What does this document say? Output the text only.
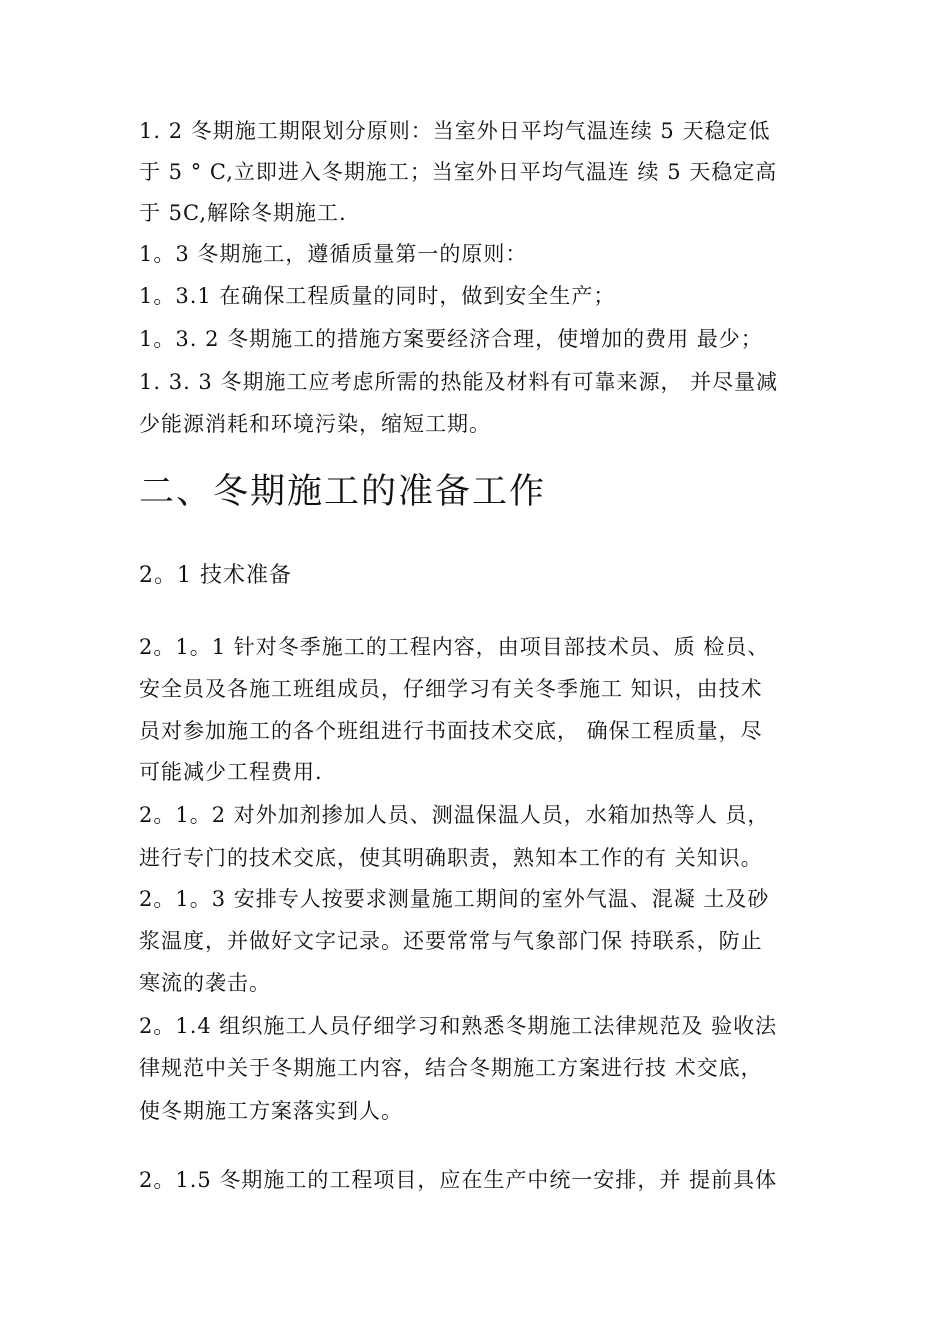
1. 2 冬期施工期限划分原则：当室外日平均气温连续 5 天稳定低
于 5 ° C,立即进入冬期施工；当室外日平均气温连 续 5 天稳定高
于 5C,解除冬期施工.
1。3 冬期施工，遵循质量第一的原则：
1。3.1 在确保工程质量的同时，做到安全生产；
1。3. 2 冬期施工的措施方案要经济合理，使增加的费用 最少；
1. 3. 3 冬期施工应考虑所需的热能及材料有可靠来源， 并尽量减
少能源消耗和环境污染，缩短工期。
二、冬期施工的准备工作
2。1 技术准备
2。1。1 针对冬季施工的工程内容，由项目部技术员、质 检员、
安全员及各施工班组成员，仔细学习有关冬季施工 知识，由技术
员对参加施工的各个班组进行书面技术交底， 确保工程质量，尽
可能减少工程费用.
2。1。2 对外加剂掺加人员、测温保温人员，水箱加热等人 员，
进行专门的技术交底，使其明确职责，熟知本工作的有 关知识。
2。1。3 安排专人按要求测量施工期间的室外气温、混凝 土及砂
浆温度，并做好文字记录。还要常常与气象部门保 持联系，防止
寒流的袭击。
2。1.4 组织施工人员仔细学习和熟悉冬期施工法律规范及 验收法
律规范中关于冬期施工内容，结合冬期施工方案进行技 术交底，
使冬期施工方案落实到人。
2。1.5 冬期施工的工程项目，应在生产中统一安排，并 提前具体
